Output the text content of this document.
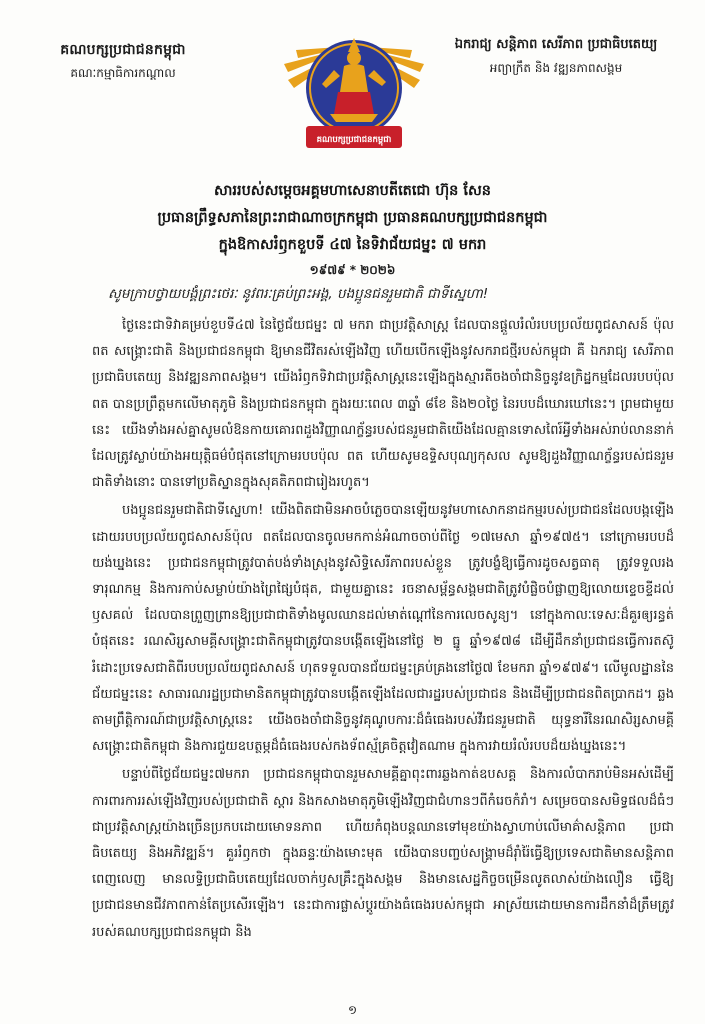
គណបក្សប្រជាជនកម្ពុជា
គណៈកម្មាធិការកណ្តាល
គណបក្សប្រជាជនកម្ពុជា
ឯករាជ្យ សន្តិភាព សេរីភាព ប្រជាធិបតេយ្យ
អព្យាក្រឹត និង វឌ្ឍនភាពសង្គម
សាររបស់សម្តេចអគ្គមហាសេនាបតីតេជោ ហ៊ុន សែន
ប្រធានព្រឹទ្ធសភានៃព្រះរាជាណាចក្រកម្ពុជា ប្រធានគណបក្សប្រជាជនកម្ពុជា
ក្នុងឱកាសរំឭកខួបទី ៤៧ នៃទិវាជ័យជម្នះ ៧ មករា
១៩៧៩ * ២០២៦
សូមក្រាបថ្វាយបង្គំព្រះថេរៈ នូវពរៈគ្រប់ព្រះអង្គ, បងប្អូនជនរួមជាតិ ជាទីស្នេហា!

ថ្ងៃនេះជាទិវាគម្រប់ខួបទី៤៧ នៃថ្ងៃជ័យជម្នះ ៧ មករា ជាប្រវត្តិសាស្ត្រ ដែលបានផ្តួលរំលំរបបប្រល័យពូជសាសន៍ ប៉ុល ពត សង្គ្រោះជាតិ និងប្រជាជនកម្ពុជា ឱ្យមានជីវិតរស់ឡើងវិញ ហើយបើកឡើងនូវសករាជថ្មីរបស់កម្ពុជា គឺ ឯករាជ្យ សេរីភាព ប្រជាធិបតេយ្យ និងវឌ្ឍនភាពសង្គម។ យើងរំឭកទិវាជាប្រវត្តិសាស្ត្រនេះឡើងក្នុងស្មារតីចងចាំជានិច្ចនូវឧក្រិដ្ឋកម្មដែលរបបប៉ុល ពត បានប្រព្រឹត្តមកលើមាតុភូមិ និងប្រជាជនកម្ពុជា ក្នុងរយៈពេល ៣ឆ្នាំ ៨ខែ និង២០ថ្ងៃ នៃរបបដ៏ឃោរឃៅនេះ។ ព្រមជាមួយនេះ យើងទាំងអស់គ្នាសូមលំឱនកាយគោរពដួងវិញ្ញាណក្ខ័ន្ធរបស់ជនរួមជាតិយើងដែលគ្មានទោសពៃរ៍អ្វីទាំងអស់រាប់លាននាក់ដែលត្រូវស្លាប់យ៉ាងអយុត្តិធម៌បំផុតនៅក្រោមរបបប៉ុល ពត ហើយសូមឧទ្ទិសបុណ្យកុសល សូមឱ្យដួងវិញ្ញាណក្ខ័ន្ធរបស់ជនរួមជាតិទាំងនោះ បានទៅប្រតិស្ឋានក្នុងសុគតិភពជារៀងរហូត។

បងប្អូនជនរួមជាតិជាទីស្នេហា! យើងពិតជាមិនអាចបំភ្លេចបានឡើយនូវមហាសោកនាដកម្មរបស់ប្រជាជនដែលបង្កឡើងដោយរបបប្រល័យពូជសាសន៍ប៉ុល ពតដែលបានចូលមកកាន់អំណាចចាប់ពីថ្ងៃ ១៧មេសា ឆ្នាំ១៩៧៥។ នៅក្រោមរបបដ៏យង់ឃ្នងនេះ ប្រជាជនកម្ពុជាត្រូវបាត់បង់ទាំងស្រុងនូវសិទ្ធិសេរីភាពរបស់ខ្លួន ត្រូវបង្ខំឱ្យធ្វើការដូចសត្វធាតុ ត្រូវទទួលរងទារុណកម្ម និងការកាប់សម្លាប់យ៉ាងព្រៃផ្សៃបំផុត, ជាមួយគ្នានេះ រចនាសម្ព័ន្ធសង្គមជាតិត្រូវបំផ្លិចបំផ្លាញឱ្យលោយខ្ទេចខ្ទីដល់ឫសគល់ ដែលបានព្រួញព្រានឱ្យប្រជាជាតិទាំងមូលឈានដល់មាត់ណ្តៅនៃការលេចសូន្យ។ នៅក្នុងកាលៈទេសៈដ៏គួរឲ្យរន្ធត់បំផុតនេះ រណសិរ្សសាមគ្គីសង្គ្រោះជាតិកម្ពុជាត្រូវបានបង្កើតឡើងនៅថ្ងៃ ២ ធ្នូ ឆ្នាំ១៩៧៨ ដើម្បីដឹកនាំប្រជាជនធ្វើការតស៊ូរំដោះប្រទេសជាតិពីរបបប្រល័យពូជសាសន៍ ហុតទទួលបានជ័យជម្នះគ្រប់គ្រងនៅថ្ងៃ៧ ខែមករា ឆ្នាំ១៩៧៩។ លើមូលដ្ឋាននៃជ័យជម្នះនេះ សាធារណរដ្ឋប្រជាមានិតកម្ពុជាត្រូវបានបង្កើតឡើងដែលជារដ្ឋរបស់ប្រជាជន និងដើម្បីប្រជាជនពិតប្រាកដ។ ឆ្លងតាមព្រឹត្តិការណ៍ជាប្រវត្តិសាស្ត្រនេះ យើងចងចាំជានិច្ចនូវគុណូបការៈដ៏ធំធេងរបស់វីរជនរួមជាតិ យុទ្ធនារីនៃរណសិរ្សសាមគ្គីសង្គ្រោះជាតិកម្ពុជា និងការជួយឧបត្ថម្ភដ៏ធំធេងរបស់កងទ័ពស្ម័គ្រចិត្តវៀតណាម ក្នុងការវាយរំលំរបបដ៏យង់ឃ្នងនេះ។

បន្ទាប់ពីថ្ងៃជ័យជម្នះ៧មករា ប្រជាជនកម្ពុជាបានរួមសាមគ្គីគ្នាពុះពារឆ្លងកាត់ឧបសគ្គ និងការលំបាករាប់មិនអស់ដើម្បីការពារការរស់ឡើងវិញរបស់ប្រជាជាតិ ស្តារ និងកសាងមាតុភូមិឡើងវិញជាជំហានៗពីកំរេចកំរាំ។ សម្រេចបានសមិទ្ធផលដ៏ធំៗជាប្រវត្តិសាស្ត្រយ៉ាងច្រើនប្រកបដោយមោទនភាព ហើយកំពុងបន្តឈានទៅមុខយ៉ាងស្វាហាប់លើមាគ៌ាសន្តិភាព ប្រជាធិបតេយ្យ និងអភិវឌ្ឍន៍។ គួររំឭកថា ក្នុងឆន្ទៈយ៉ាងមោះមុត យើងបានបញ្ចប់សង្គ្រាមដ៏រ៉ាំរ៉ៃធ្វើឱ្យប្រទេសជាតិមានសន្តិភាពពេញលេញ មានលទ្ធិប្រជាធិបតេយ្យដែលចាក់ឫសគ្រឹះក្នុងសង្គម និងមានសេដ្ឋកិច្ចចម្រើនលូតលាស់យ៉ាងលឿន ធ្វើឱ្យប្រជាជនមានជីវភាពកាន់តែប្រសើរឡើង។ នេះជាការផ្លាស់ប្តូរយ៉ាងធំធេងរបស់កម្ពុជា អាស្រ័យដោយមានការដឹកនាំដ៏ត្រឹមត្រូវរបស់គណបក្សប្រជាជនកម្ពុជា និង

១
